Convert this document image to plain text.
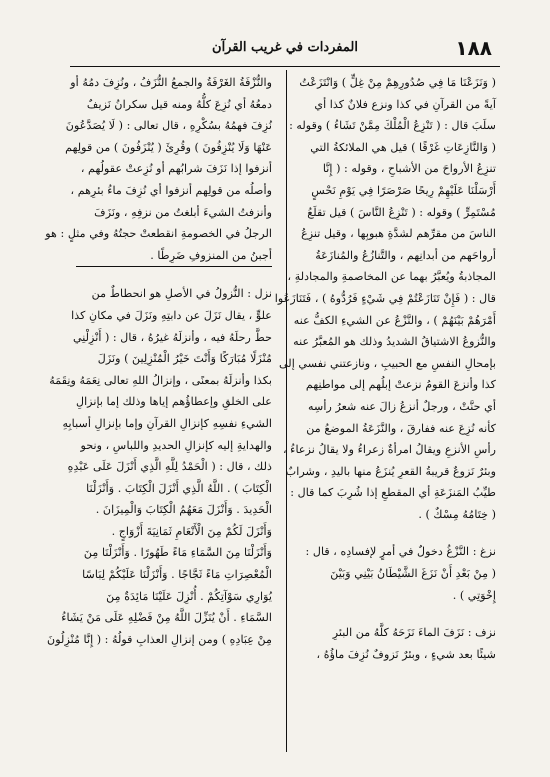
١٨٨
المفردات في غريب القرآن
( وَنَزَعْنَا مَا فِي صُدُورِهِمْ مِنْ غِلٍّ ) وَانْتَزَعْتُ
آيةً من القرآنِ في كذا ونزع فلانٌ كذا أي
سلَبَ قال : ( تَنْزِعُ الْمُلْكَ مِمَّنْ تَشَاءُ ) وقوله :
( وَالنَّازِعَاتِ غَرْقًا ) قيل هي الملائكةُ التي
تنزِعُ الأرواحَ من الأشباحِ ، وقوله : ( إِنَّا
أَرْسَلْنَا عَلَيْهِمْ رِيحًا صَرْصَرًا فِي يَوْمِ نَحْسٍ
مُسْتَمِرٍّ ) وقوله : ( تَنْزِعُ النَّاسَ ) قيل تقلَعُ
الناسَ من مقرِّهم لشدَّةِ هبوبِها ، وقيل تنزِعُ
أرواحَهم من أبدانِهم ، والتَّنازُعُ والمُنازَعَةُ
المجاذبةُ ويُعبَّرُ بهما عن المخاصمةِ والمجادلةِ ،
قال : ( فَإِنْ تَنَازَعْتُمْ فِي شَيْءٍ فَرُدُّوهُ ) ، فَتَنَازَعُوا
أَمْرَهُمْ بَيْنَهُمْ ) ، والنَّزْعُ عن الشيءِ الكفُّ عنه
والنُّزوعُ الاشتياقُ الشديدُ وذلك هو المُعبَّرُ عنه
بإمحالِ النفسِ مع الحبيبِ ، ونازعتني نفسي إلى
كذا وأنزعَ القومُ نزعتْ إبلُهم إلى مواطنِهم
أي حنَّتْ ، ورجلٌ أنزعُ زالَ عنه شعرُ رأسِه
كأنه نُزِعَ عنه ففارقَ ، والنَّزَعَةُ الموضعُ من
رأسِ الأنزعِ ويقالُ امرأةٌ زعراءُ ولا يقالُ نزعاءُ ،
وبئرٌ نَزوعٌ قريبةُ القعرِ يُنزَعُ منها باليدِ ، وشرابٌ
طيِّبُ المَنزَعَةِ أي المقطعِ إذا شُرِبَ كما قال :
( خِتَامُهُ مِسْكٌ ) .
نزغ : النَّزْغُ دخولٌ في أمرٍ لإفسادِه ، قال :
( مِنْ بَعْدِ أَنْ نَزَغَ الشَّيْطَانُ بَيْنِي وَبَيْنَ
إِخْوَتِي ) .
نزف : نَزَفَ الماءَ نَزَحَهُ كلَّهُ من البئرِ
شيئًا بعد شيءٍ ، وبئرٌ نَزوفٌ نُزِفَ ماؤُهُ ،
والنُّزْفَةُ الغَرْفَةُ والجمعُ النُّزَفُ ، ونُزِفَ دمُهُ أو
دمعُهُ أي نُزِعَ كلُّهُ ومنه قيل سكرانُ نَزيفٌ
نُزِفَ فهمُهُ بسُكْرِهِ ، قال تعالى : ( لَا يُصَدَّعُونَ
عَنْهَا وَلَا يُنْزِفُونَ ) وقُرِئَ ( يُنْزَفُونَ ) من قولِهم
أنزفوا إذا نَزَفَ شرابُهم أو نُزِعتْ عقولُهم ،
وأصلُه من قولِهم أنزفوا أي نُزِفَ ماءُ بئرِهم ،
وأنزفتُ الشيءَ أبلغتُ من نزفِهِ ، ونَزَفَ
الرجلُ في الخصومةِ انقطعتْ حجتُهُ وفي مثلٍ : هو
أجبنُ من المنزوفِ ضَرِطًا .
نزل : النُّزولُ في الأصلِ هو انحطاطٌ من
علوٍّ ، يقال نَزَلَ عن دابتِهِ ونَزَلَ في مكانِ كذا
حطَّ رحلَهُ فيه ، وأنزلَهُ غيرُهُ ، قال : ( أَنْزِلْنِي
مُنْزَلًا مُبَارَكًا وَأَنْتَ خَيْرُ الْمُنْزِلِينَ ) ونَزَلَ
بكذا وأنزلَهُ بمعنًى ، وإنزالُ اللهِ تعالى نِعَمَهُ ونِقَمَهُ
على الخلقِ وإعطاؤُهم إياها وذلك إما بإنزالِ
الشيءِ نفسِهِ كإنزالِ القرآنِ وإما بإنزالِ أسبابِهِ
والهدايةِ إليه كإنزالِ الحديدِ واللباسِ ، ونحو
ذلك ، قال : ( الْحَمْدُ لِلَّهِ الَّذِي أَنْزَلَ عَلَى عَبْدِهِ
الْكِتَابَ ) . اللَّهُ الَّذِي أَنْزَلَ الْكِتَابَ . وَأَنْزَلْنَا
الْحَدِيدَ . وَأَنْزَلَ مَعَهُمُ الْكِتَابَ وَالْمِيزَانَ .
وَأَنْزَلَ لَكُمْ مِنَ الْأَنْعَامِ ثَمَانِيَةَ أَزْوَاجٍ .
وَأَنْزَلْنَا مِنَ السَّمَاءِ مَاءً طَهُورًا . وَأَنْزَلْنَا مِنَ
الْمُعْصِرَاتِ مَاءً ثَجَّاجًا . وَأَنْزَلْنَا عَلَيْكُمْ لِبَاسًا
يُوَارِي سَوْآتِكُمْ . أُنْزِلَ عَلَيْنَا مَائِدَةٌ مِنَ
السَّمَاءِ . أَنْ يُنَزِّلَ اللَّهُ مِنْ فَضْلِهِ عَلَى مَنْ يَشَاءُ
مِنْ عِبَادِهِ ) ومن إنزالِ العذابِ قولُهُ : ( إِنَّا مُنْزِلُونَ
